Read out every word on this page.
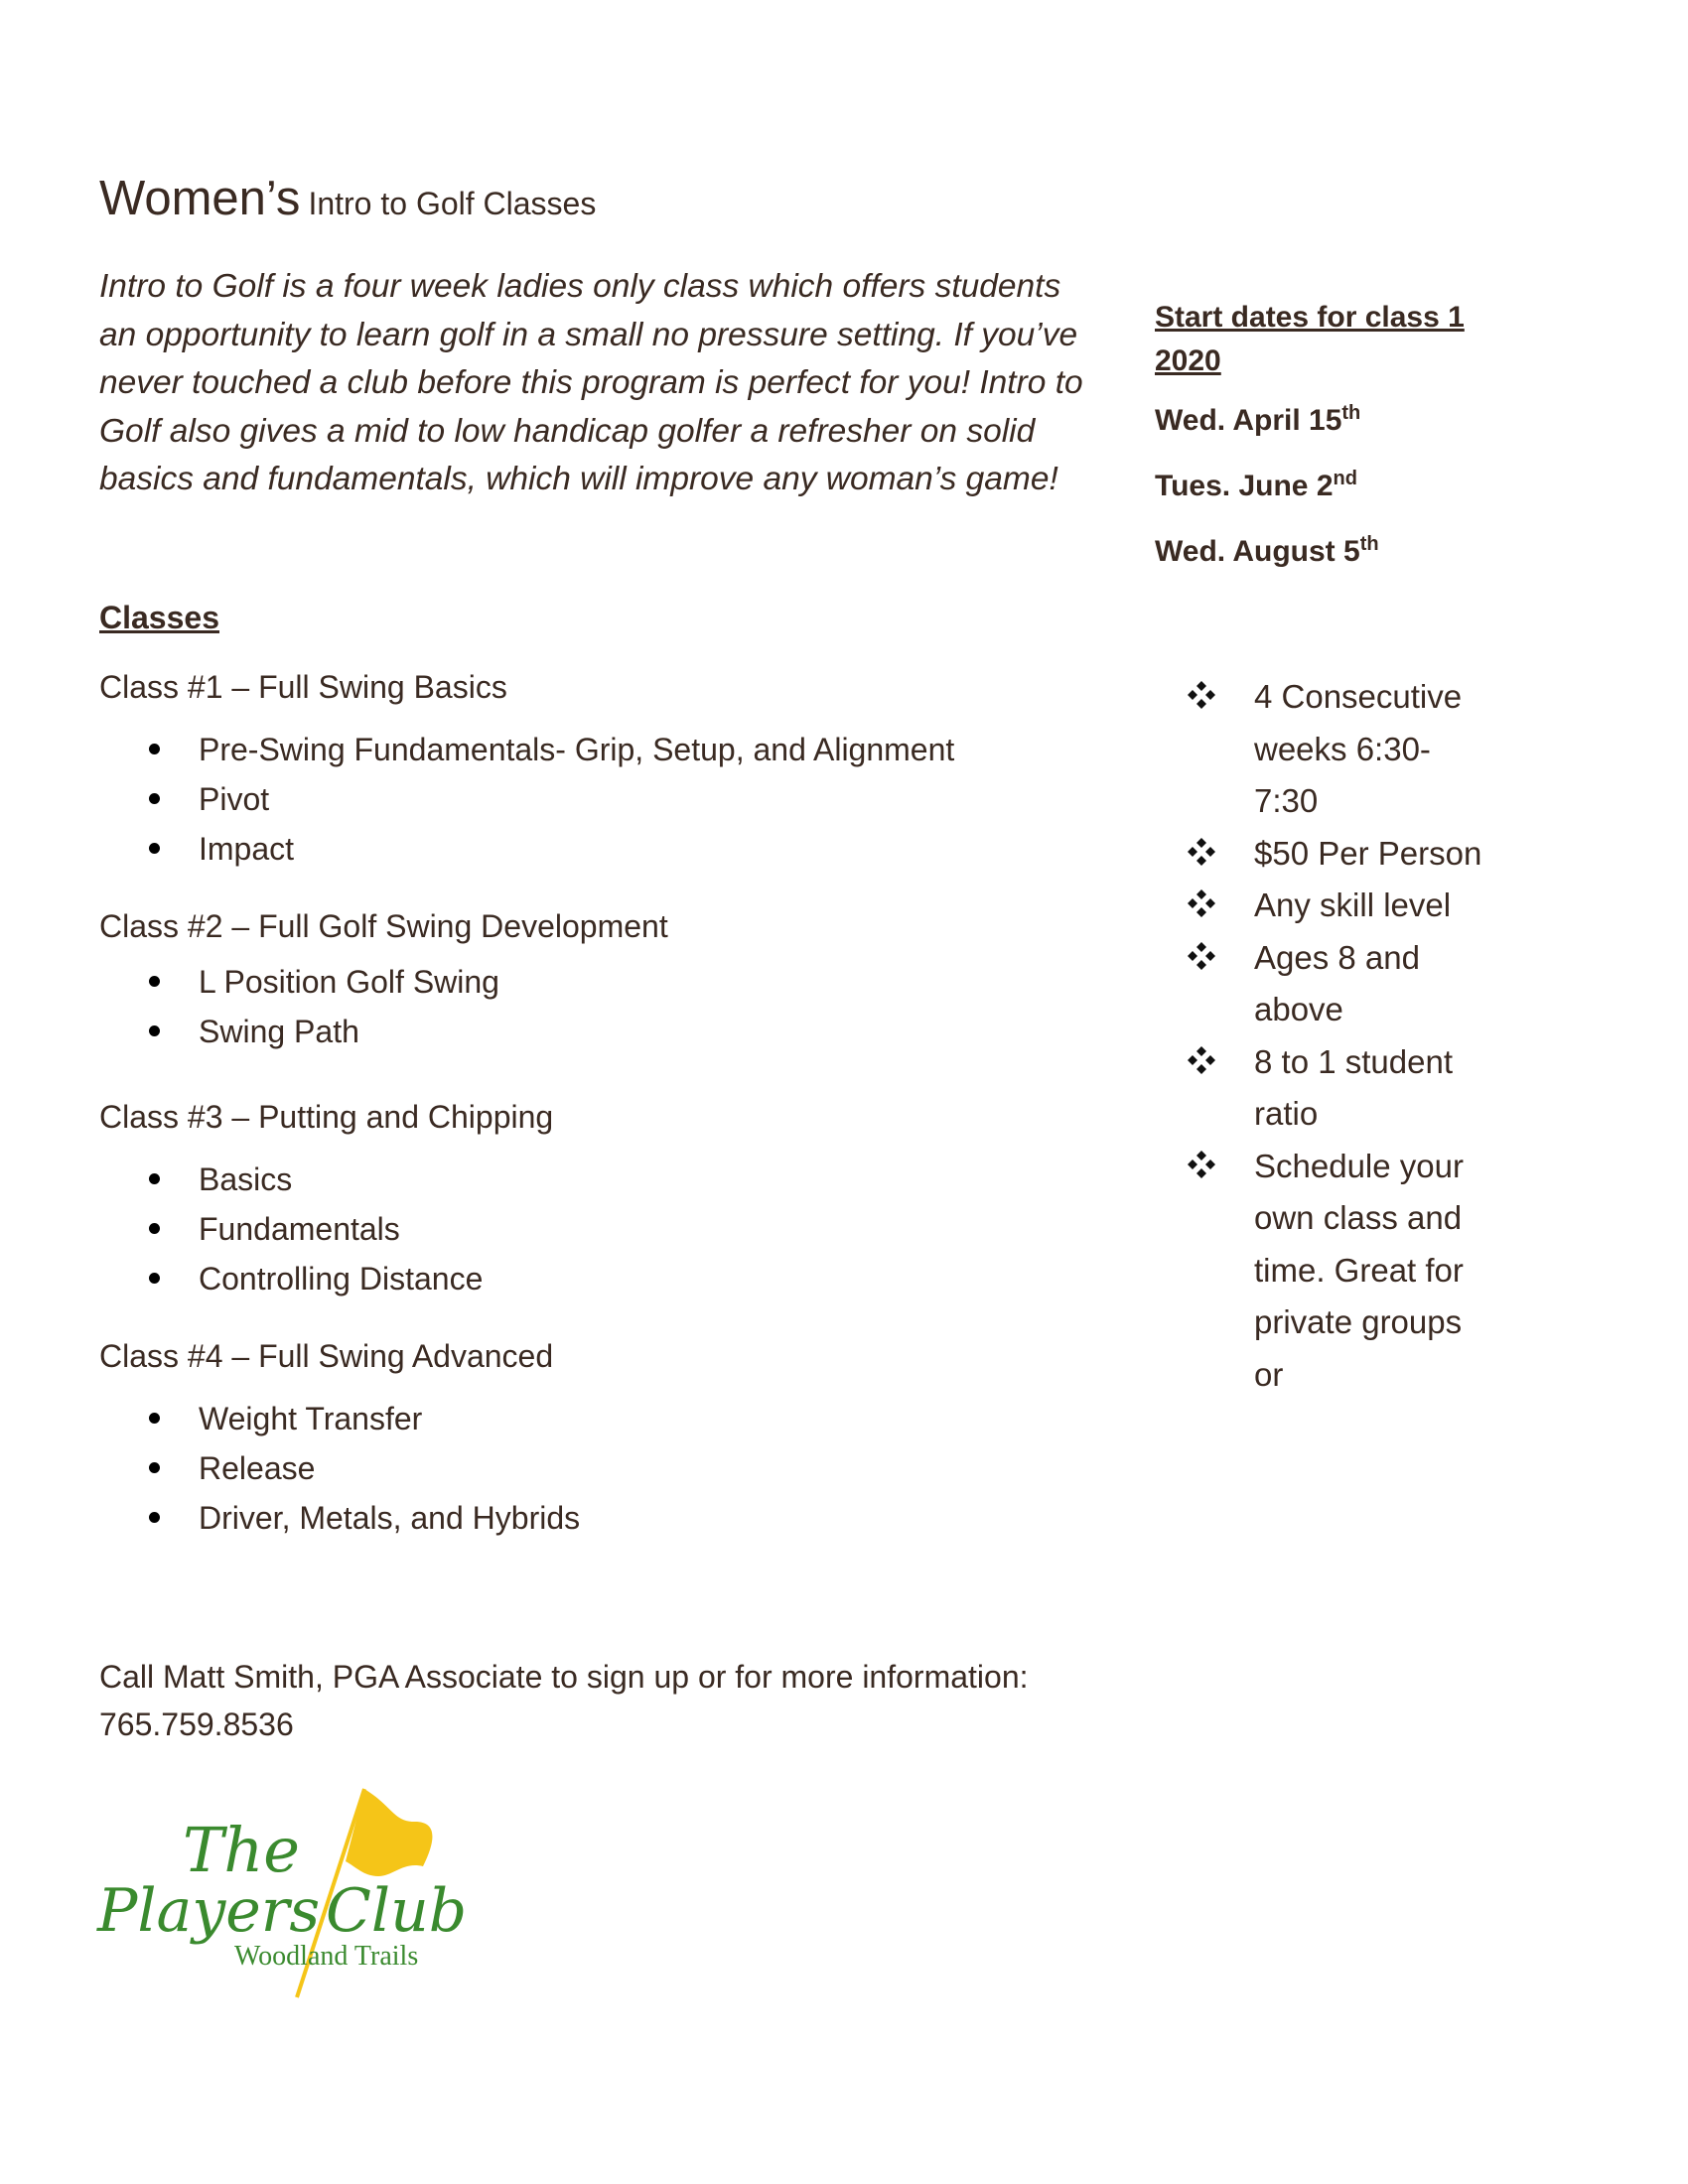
Women’s Intro to Golf Classes

Intro to Golf is a four week ladies only class which offers students an opportunity to learn golf in a small no pressure setting. If you’ve never touched a club before this program is perfect for you! Intro to Golf also gives a mid to low handicap golfer a refresher on solid basics and fundamentals, which will improve any woman’s game!

Start dates for class 1 2020

Wed. April 15th

Tues. June 2nd

Wed. August 5th

Classes

Class #1 – Full Swing Basics

Pre-Swing Fundamentals- Grip, Setup, and Alignment
Pivot
Impact

Class #2 – Full Golf Swing Development

L Position Golf Swing
Swing Path

Class #3 – Putting and Chipping

Basics
Fundamentals
Controlling Distance

Class #4 – Full Swing Advanced

Weight Transfer
Release
Driver, Metals, and Hybrids
4 Consecutive weeks 6:30-7:30
$50 Per Person
Any skill level
Ages 8 and above
8 to 1 student ratio
Schedule your own class and time. Great for private groups or

Call Matt Smith, PGA Associate to sign up or for more information:
765.759.8536

The
Players Club
Woodland Trails
